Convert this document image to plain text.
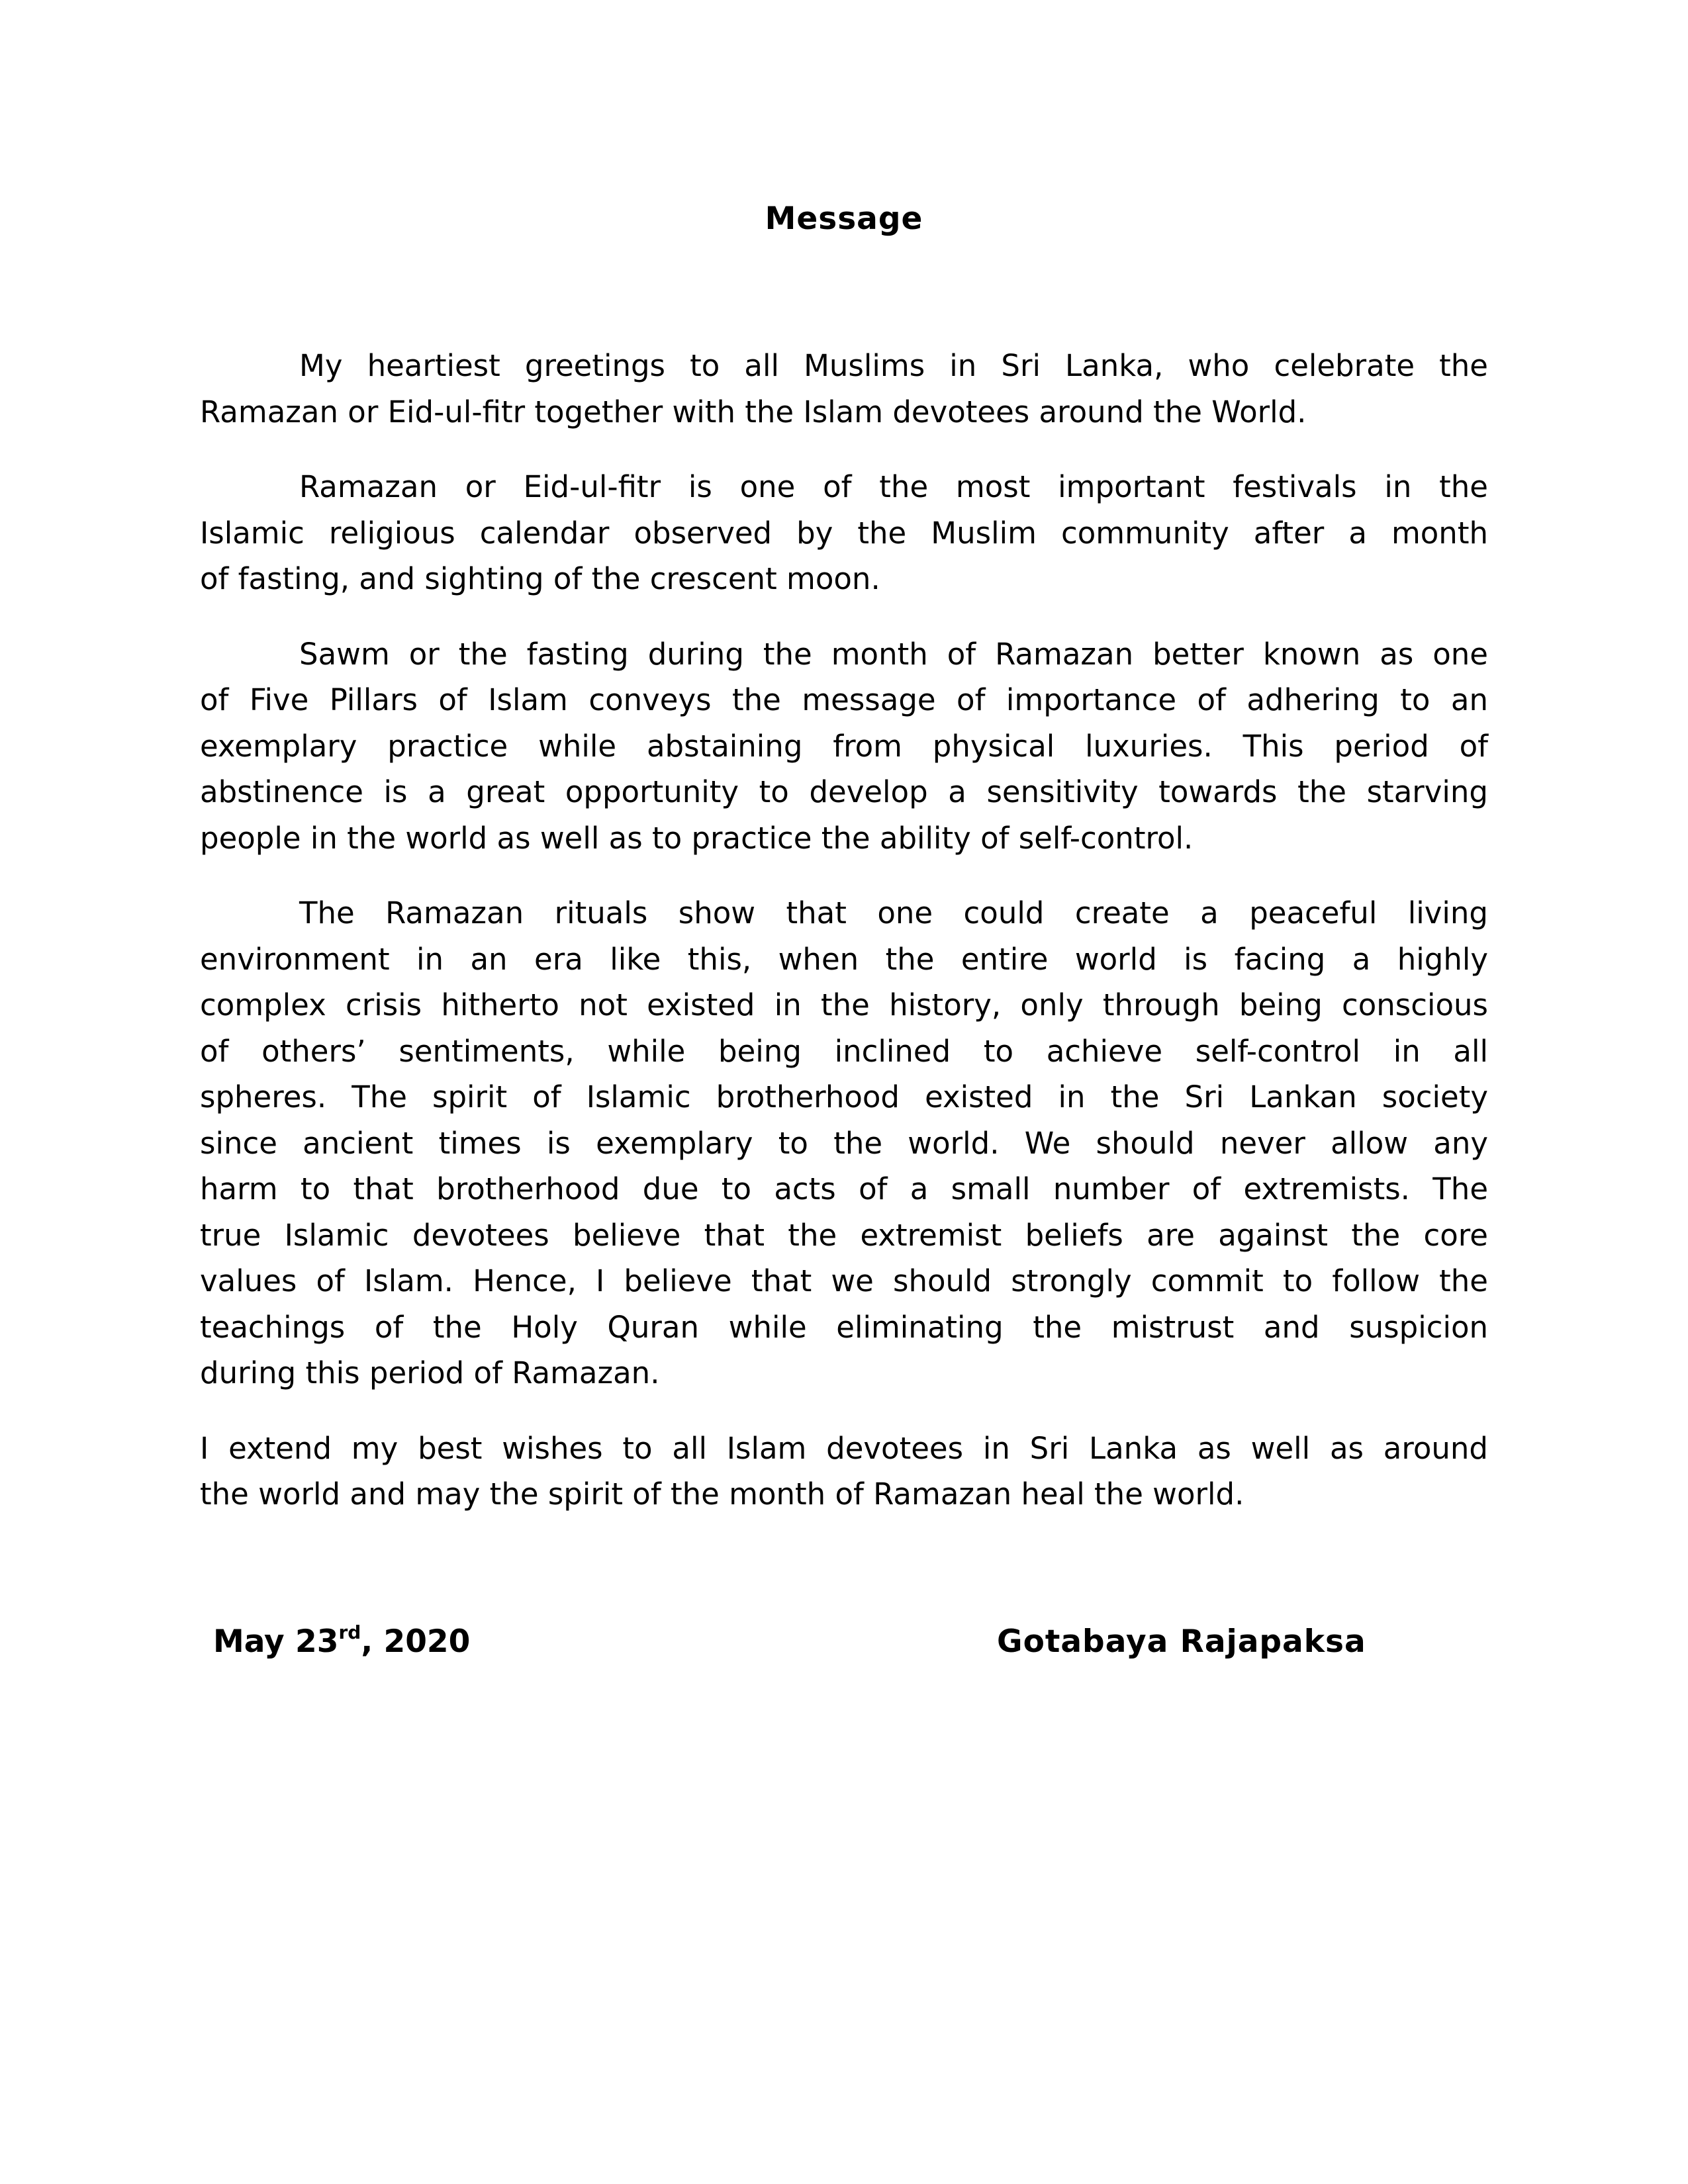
Message
My heartiest greetings to all Muslims in Sri Lanka, who celebrate the
Ramazan or Eid-ul-fitr together with the Islam devotees around the World.
Ramazan or Eid-ul-fitr is one of the most important festivals in the
Islamic religious calendar observed by the Muslim community after a month
of fasting, and sighting of the crescent moon.
Sawm or the fasting during the month of Ramazan better known as one
of Five Pillars of Islam conveys the message of importance of adhering to an
exemplary practice while abstaining from physical luxuries. This period of
abstinence is a great opportunity to develop a sensitivity towards the starving
people in the world as well as to practice the ability of self-control.
The Ramazan rituals show that one could create a peaceful living
environment in an era like this, when the entire world is facing a highly
complex crisis hitherto not existed in the history, only through being conscious
of others’ sentiments, while being inclined to achieve self-control in all
spheres. The spirit of Islamic brotherhood existed in the Sri Lankan society
since ancient times is exemplary to the world. We should never allow any
harm to that brotherhood due to acts of a small number of extremists. The
true Islamic devotees believe that the extremist beliefs are against the core
values of Islam. Hence, I believe that we should strongly commit to follow the
teachings of the Holy Quran while eliminating the mistrust and suspicion
during this period of Ramazan.
I extend my best wishes to all Islam devotees in Sri Lanka as well as around
the world and may the spirit of the month of Ramazan heal the world.
May 23rd, 2020	Gotabaya Rajapaksa
